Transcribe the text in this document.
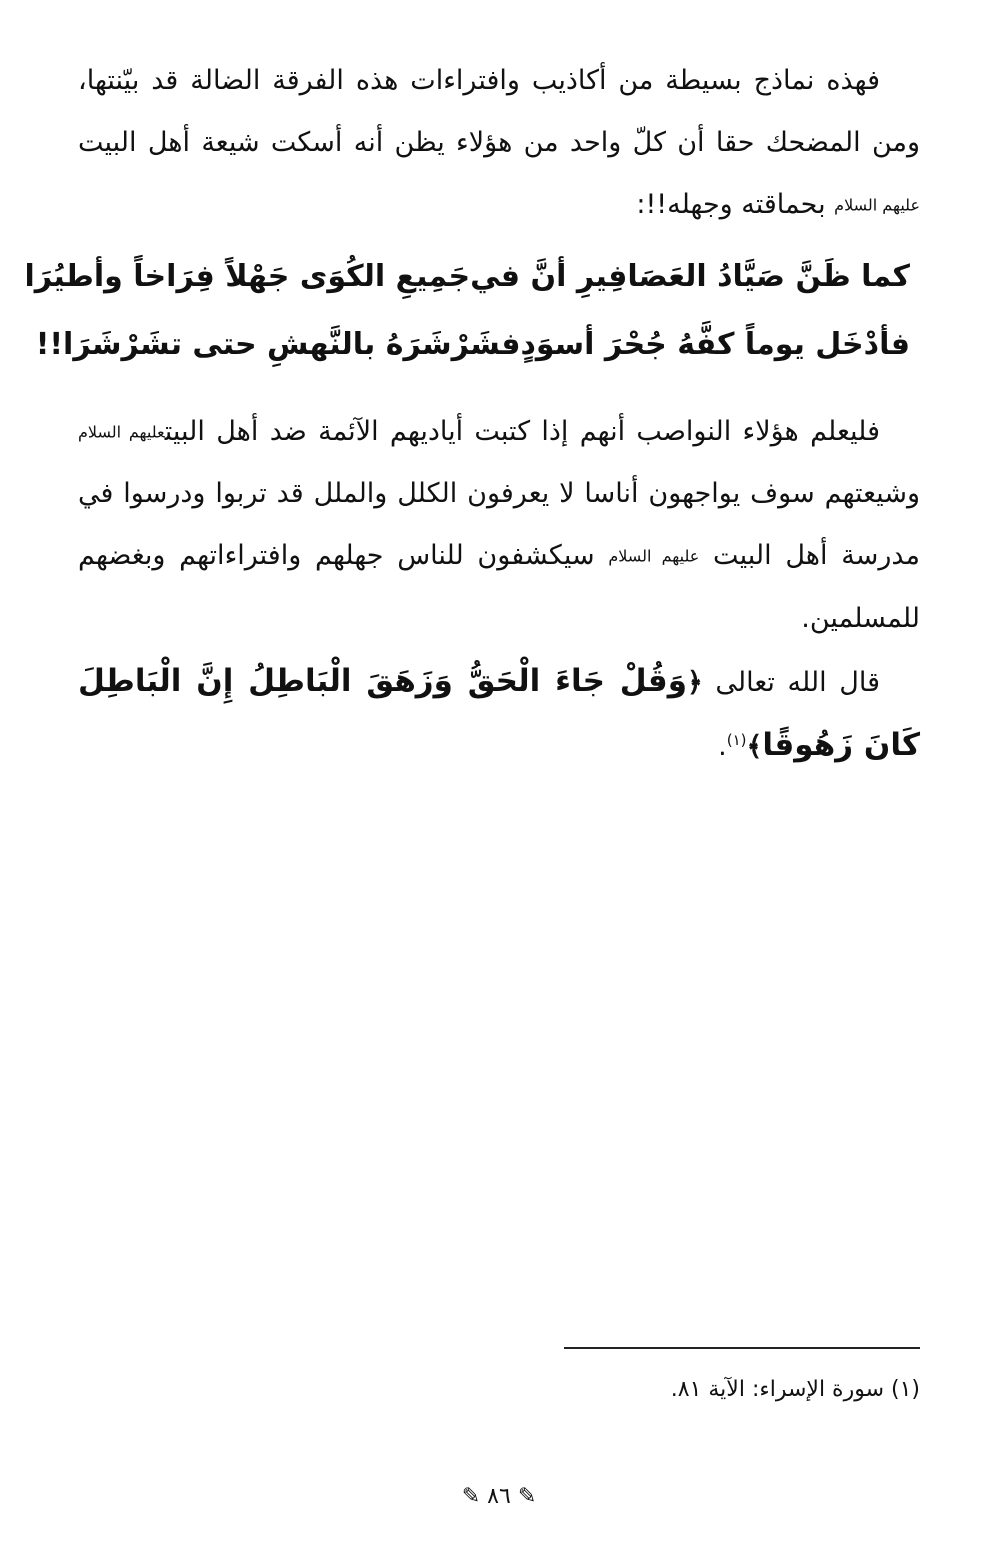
فهذه نماذج بسيطة من أكاذيب وافتراءات هذه الفرقة الضالة قد بيّنتها، ومن المضحك حقا أن كلّ واحد من هؤلاء يظن أنه أسكت شيعة أهل البيت عليهم السلام بحماقته وجهله!!:

كما ظَنَّ صَيَّادُ العَصَافِيرِ أنَّ في
جَمِيعِ الكُوَى جَهْلاً فِرَاخاً وأطيُرَا
فأدْخَل يوماً كفَّهُ جُحْرَ أسوَدٍ
فشَرْشَرَهُ بالنَّهشِ حتى تشَرْشَرَا!!

فليعلم هؤلاء النواصب أنهم إذا كتبت أياديهم الآئمة ضد أهل البيتعليهم السلام وشيعتهم سوف يواجهون أناسا لا يعرفون الكلل والملل قد تربوا ودرسوا في مدرسة أهل البيت عليهم السلام سيكشفون للناس جهلهم وافتراءاتهم وبغضهم للمسلمين.

قال الله تعالى ﴿وَقُلْ جَاءَ الْحَقُّ وَزَهَقَ الْبَاطِلُ إِنَّ الْبَاطِلَ كَانَ زَهُوقًا﴾$^{(١)}$.

(١) سورة الإسراء: الآية ٨١.
✎ ٨٦ ✎
